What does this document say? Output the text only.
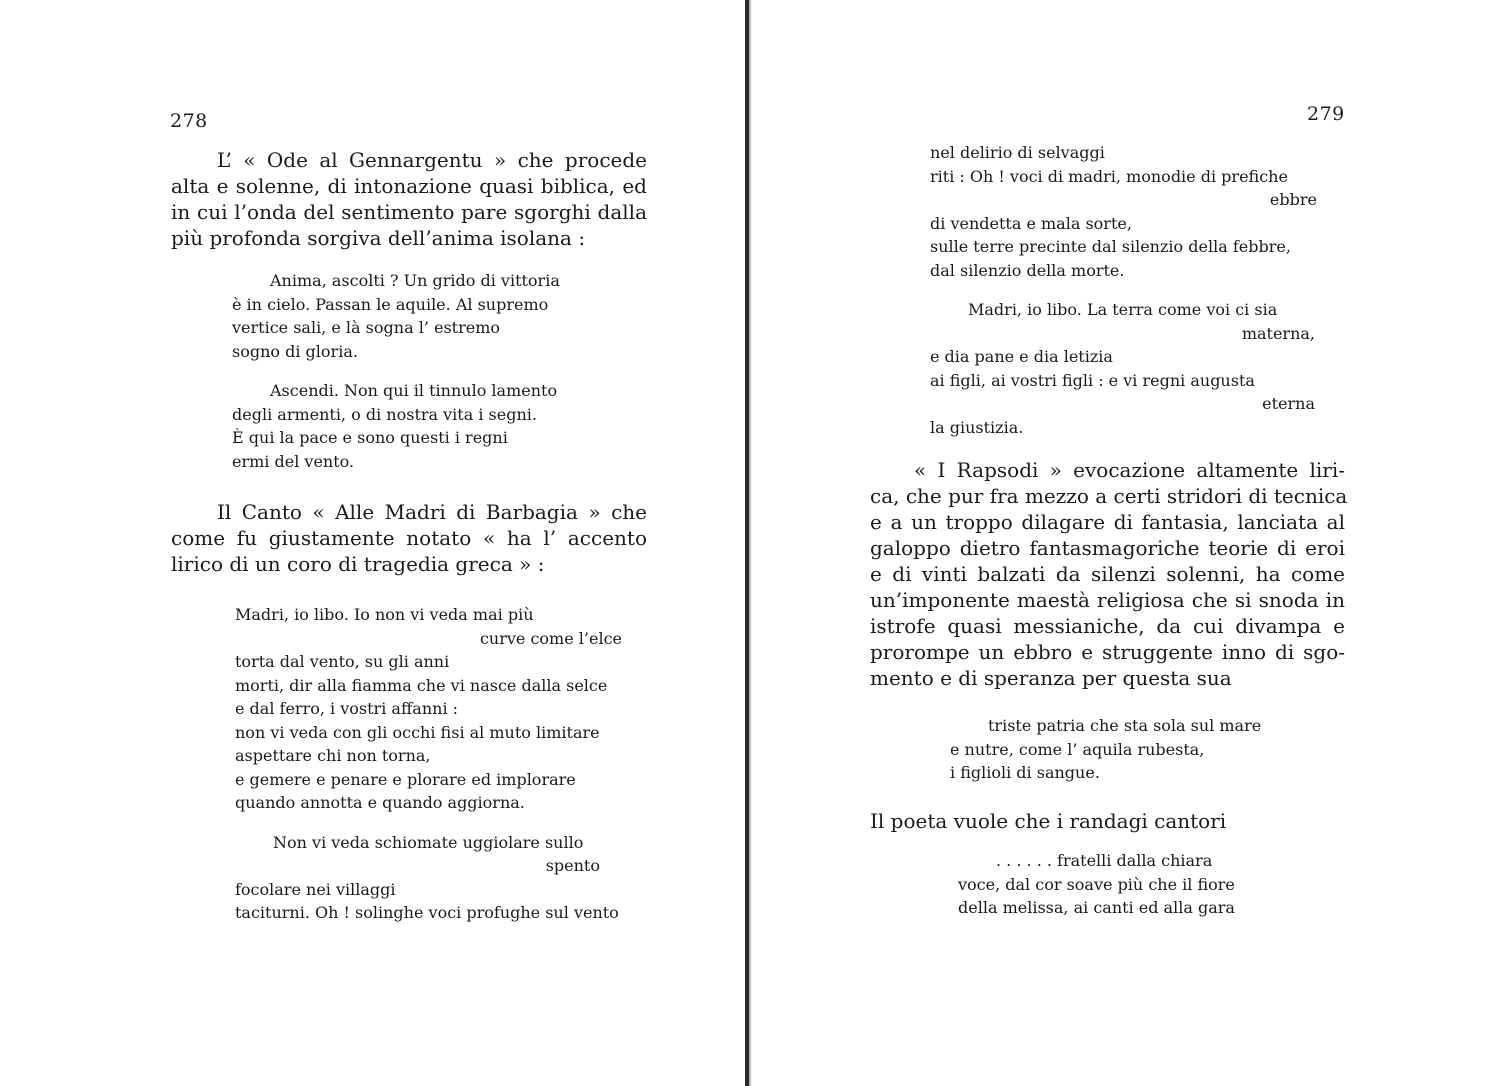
278
L’ « Ode al Gennargentu » che procede
alta e solenne, di intonazione quasi biblica, ed
in cui l’onda del sentimento pare sgorghi dalla
più profonda sorgiva dell’anima isolana :
Anima, ascolti ? Un grido di vittoria
è in cielo. Passan le aquile. Al supremo
vertice sali, e là sogna l’ estremo
sogno di gloria.
Ascendi. Non qui il tinnulo lamento
degli armenti, o di nostra vita i segni.
È qui la pace e sono questi i regni
ermi del vento.
Il Canto « Alle Madri di Barbagia » che
come fu giustamente notato « ha l’ accento
lirico di un coro di tragedia greca » :
Madri, io libo. Io non vi veda mai più
curve come l’elce
torta dal vento, su gli anni
morti, dir alla fiamma che vi nasce dalla selce
e dal ferro, i vostri affanni :
non vi veda con gli occhi fisi al muto limitare
aspettare chi non torna,
e gemere e penare e plorare ed implorare
quando annotta e quando aggiorna.
Non vi veda schiomate uggiolare sullo
spento
focolare nei villaggi
taciturni. Oh ! solinghe voci profughe sul vento
279
nel delirio di selvaggi
riti : Oh ! voci di madri, monodie di prefiche
ebbre
di vendetta e mala sorte,
sulle terre precinte dal silenzio della febbre,
dal silenzio della morte.
Madri, io libo. La terra come voi ci sia
materna,
e dia pane e dia letizia
ai figli, ai vostri figli : e vi regni augusta
eterna
la giustizia.
« I Rapsodi » evocazione altamente liri-
ca, che pur fra mezzo a certi stridori di tecnica
e a un troppo dilagare di fantasia, lanciata al
galoppo dietro fantasmagoriche teorie di eroi
e di vinti balzati da silenzi solenni, ha come
un’imponente maestà religiosa che si snoda in
istrofe quasi messianiche, da cui divampa e
prorompe un ebbro e struggente inno di sgo-
mento e di speranza per questa sua
triste patria che sta sola sul mare
e nutre, come l’ aquila rubesta,
i figlioli di sangue.
Il poeta vuole che i randagi cantori
. . . . . . fratelli dalla chiara
voce, dal cor soave più che il fiore
della melissa, ai canti ed alla gara
